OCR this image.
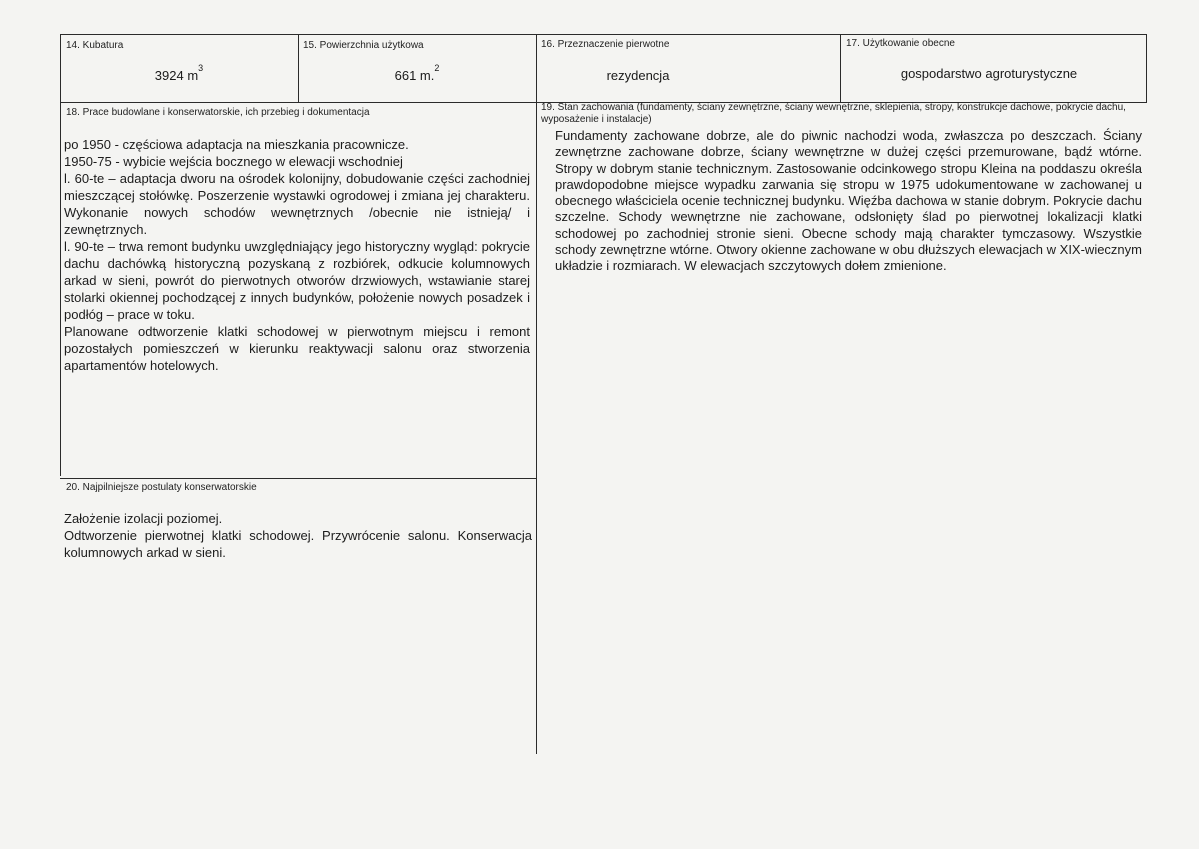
14. Kubatura
3924 $m^3$
15. Powierzchnia użytkowa
661 m.$^2$
16. Przeznaczenie pierwotne
rezydencja
17. Użytkowanie obecne
gospodarstwo agroturystyczne
18. Prace budowlane i konserwatorskie, ich przebieg i dokumentacja

po 1950 - częściowa adaptacja na mieszkania pracownicze.

1950-75 - wybicie wejścia bocznego w elewacji wschodniej

l. 60-te – adaptacja dworu na ośrodek kolonijny, dobudowanie części zachodniej mieszczącej stołówkę. Poszerzenie wystawki ogrodowej i zmiana jej charakteru. Wykonanie nowych schodów wewnętrznych /obecnie nie istnieją/ i zewnętrznych.

l. 90-te – trwa remont budynku uwzględniający jego historyczny wygląd: pokrycie dachu dachówką historyczną pozyskaną z rozbiórek, odkucie kolumnowych arkad w sieni, powrót do pierwotnych otworów drzwiowych, wstawianie starej stolarki okiennej pochodzącej z innych budynków, położenie nowych posadzek i podłóg – prace w toku.

Planowane odtworzenie klatki schodowej w pierwotnym miejscu i remont pozostałych pomieszczeń w kierunku reaktywacji salonu oraz stworzenia apartamentów hotelowych.

19. Stan zachowania (fundamenty, ściany zewnętrzne, ściany wewnętrzne, sklepienia, stropy, konstrukcje dachowe, pokrycie dachu, wyposażenie i instalacje)

Fundamenty zachowane dobrze, ale do piwnic nachodzi woda, zwłaszcza po deszczach. Ściany zewnętrzne zachowane dobrze, ściany wewnętrzne w dużej części przemurowane, bądź wtórne. Stropy w dobrym stanie technicznym. Zastosowanie odcinkowego stropu Kleina na poddaszu określa prawdopodobne miejsce wypadku zarwania się stropu w 1975 udokumentowane w zachowanej u obecnego właściciela ocenie technicznej budynku. Więźba dachowa w stanie dobrym. Pokrycie dachu szczelne. Schody wewnętrzne nie zachowane, odsłonięty ślad po pierwotnej lokalizacji klatki schodowej po zachodniej stronie sieni. Obecne schody mają charakter tymczasowy. Wszystkie schody zewnętrzne wtórne. Otwory okienne zachowane w obu dłuższych elewacjach w XIX-wiecznym układzie i rozmiarach. W elewacjach szczytowych dołem zmienione.

20. Najpilniejsze postulaty konserwatorskie

Założenie izolacji poziomej.

Odtworzenie pierwotnej klatki schodowej. Przywrócenie salonu. Konserwacja kolumnowych arkad w sieni.
